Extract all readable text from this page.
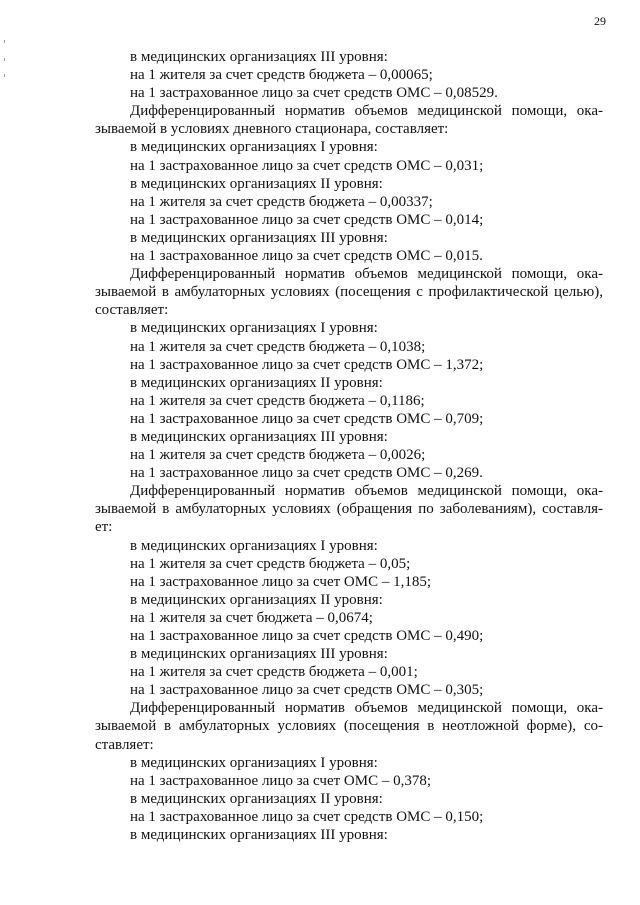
29
в медицинских организациях III уровня:
на 1 жителя за счет средств бюджета – 0,00065;
на 1 застрахованное лицо за счет средств ОМС – 0,08529.
Дифференцированный норматив объемов медицинской помощи, ока-
зываемой в условиях дневного стационара, составляет:
в медицинских организациях I уровня:
на 1 застрахованное лицо за счет средств ОМС – 0,031;
в медицинских организациях II уровня:
на 1 жителя за счет средств бюджета – 0,00337;
на 1 застрахованное лицо за счет средств ОМС – 0,014;
в медицинских организациях III уровня:
на 1 застрахованное лицо за счет средств ОМС – 0,015.
Дифференцированный норматив объемов медицинской помощи, ока-
зываемой в амбулаторных условиях (посещения с профилактической целью),
составляет:
в медицинских организациях I уровня:
на 1 жителя за счет средств бюджета – 0,1038;
на 1 застрахованное лицо за счет средств ОМС – 1,372;
в медицинских организациях II уровня:
на 1 жителя за счет средств бюджета – 0,1186;
на 1 застрахованное лицо за счет средств ОМС – 0,709;
в медицинских организациях III уровня:
на 1 жителя за счет средств бюджета – 0,0026;
на 1 застрахованное лицо за счет средств ОМС – 0,269.
Дифференцированный норматив объемов медицинской помощи, ока-
зываемой в амбулаторных условиях (обращения по заболеваниям), составля-
ет:
в медицинских организациях I уровня:
на 1 жителя за счет средств бюджета – 0,05;
на 1 застрахованное лицо за счет ОМС – 1,185;
в медицинских организациях II уровня:
на 1 жителя за счет бюджета – 0,0674;
на 1 застрахованное лицо за счет средств ОМС – 0,490;
в медицинских организациях III уровня:
на 1 жителя за счет средств бюджета – 0,001;
на 1 застрахованное лицо за счет средств ОМС – 0,305;
Дифференцированный норматив объемов медицинской помощи, ока-
зываемой в амбулаторных условиях (посещения в неотложной форме), со-
ставляет:
в медицинских организациях I уровня:
на 1 застрахованное лицо за счет ОМС – 0,378;
в медицинских организациях II уровня:
на 1 застрахованное лицо за счет средств ОМС – 0,150;
в медицинских организациях III уровня:
